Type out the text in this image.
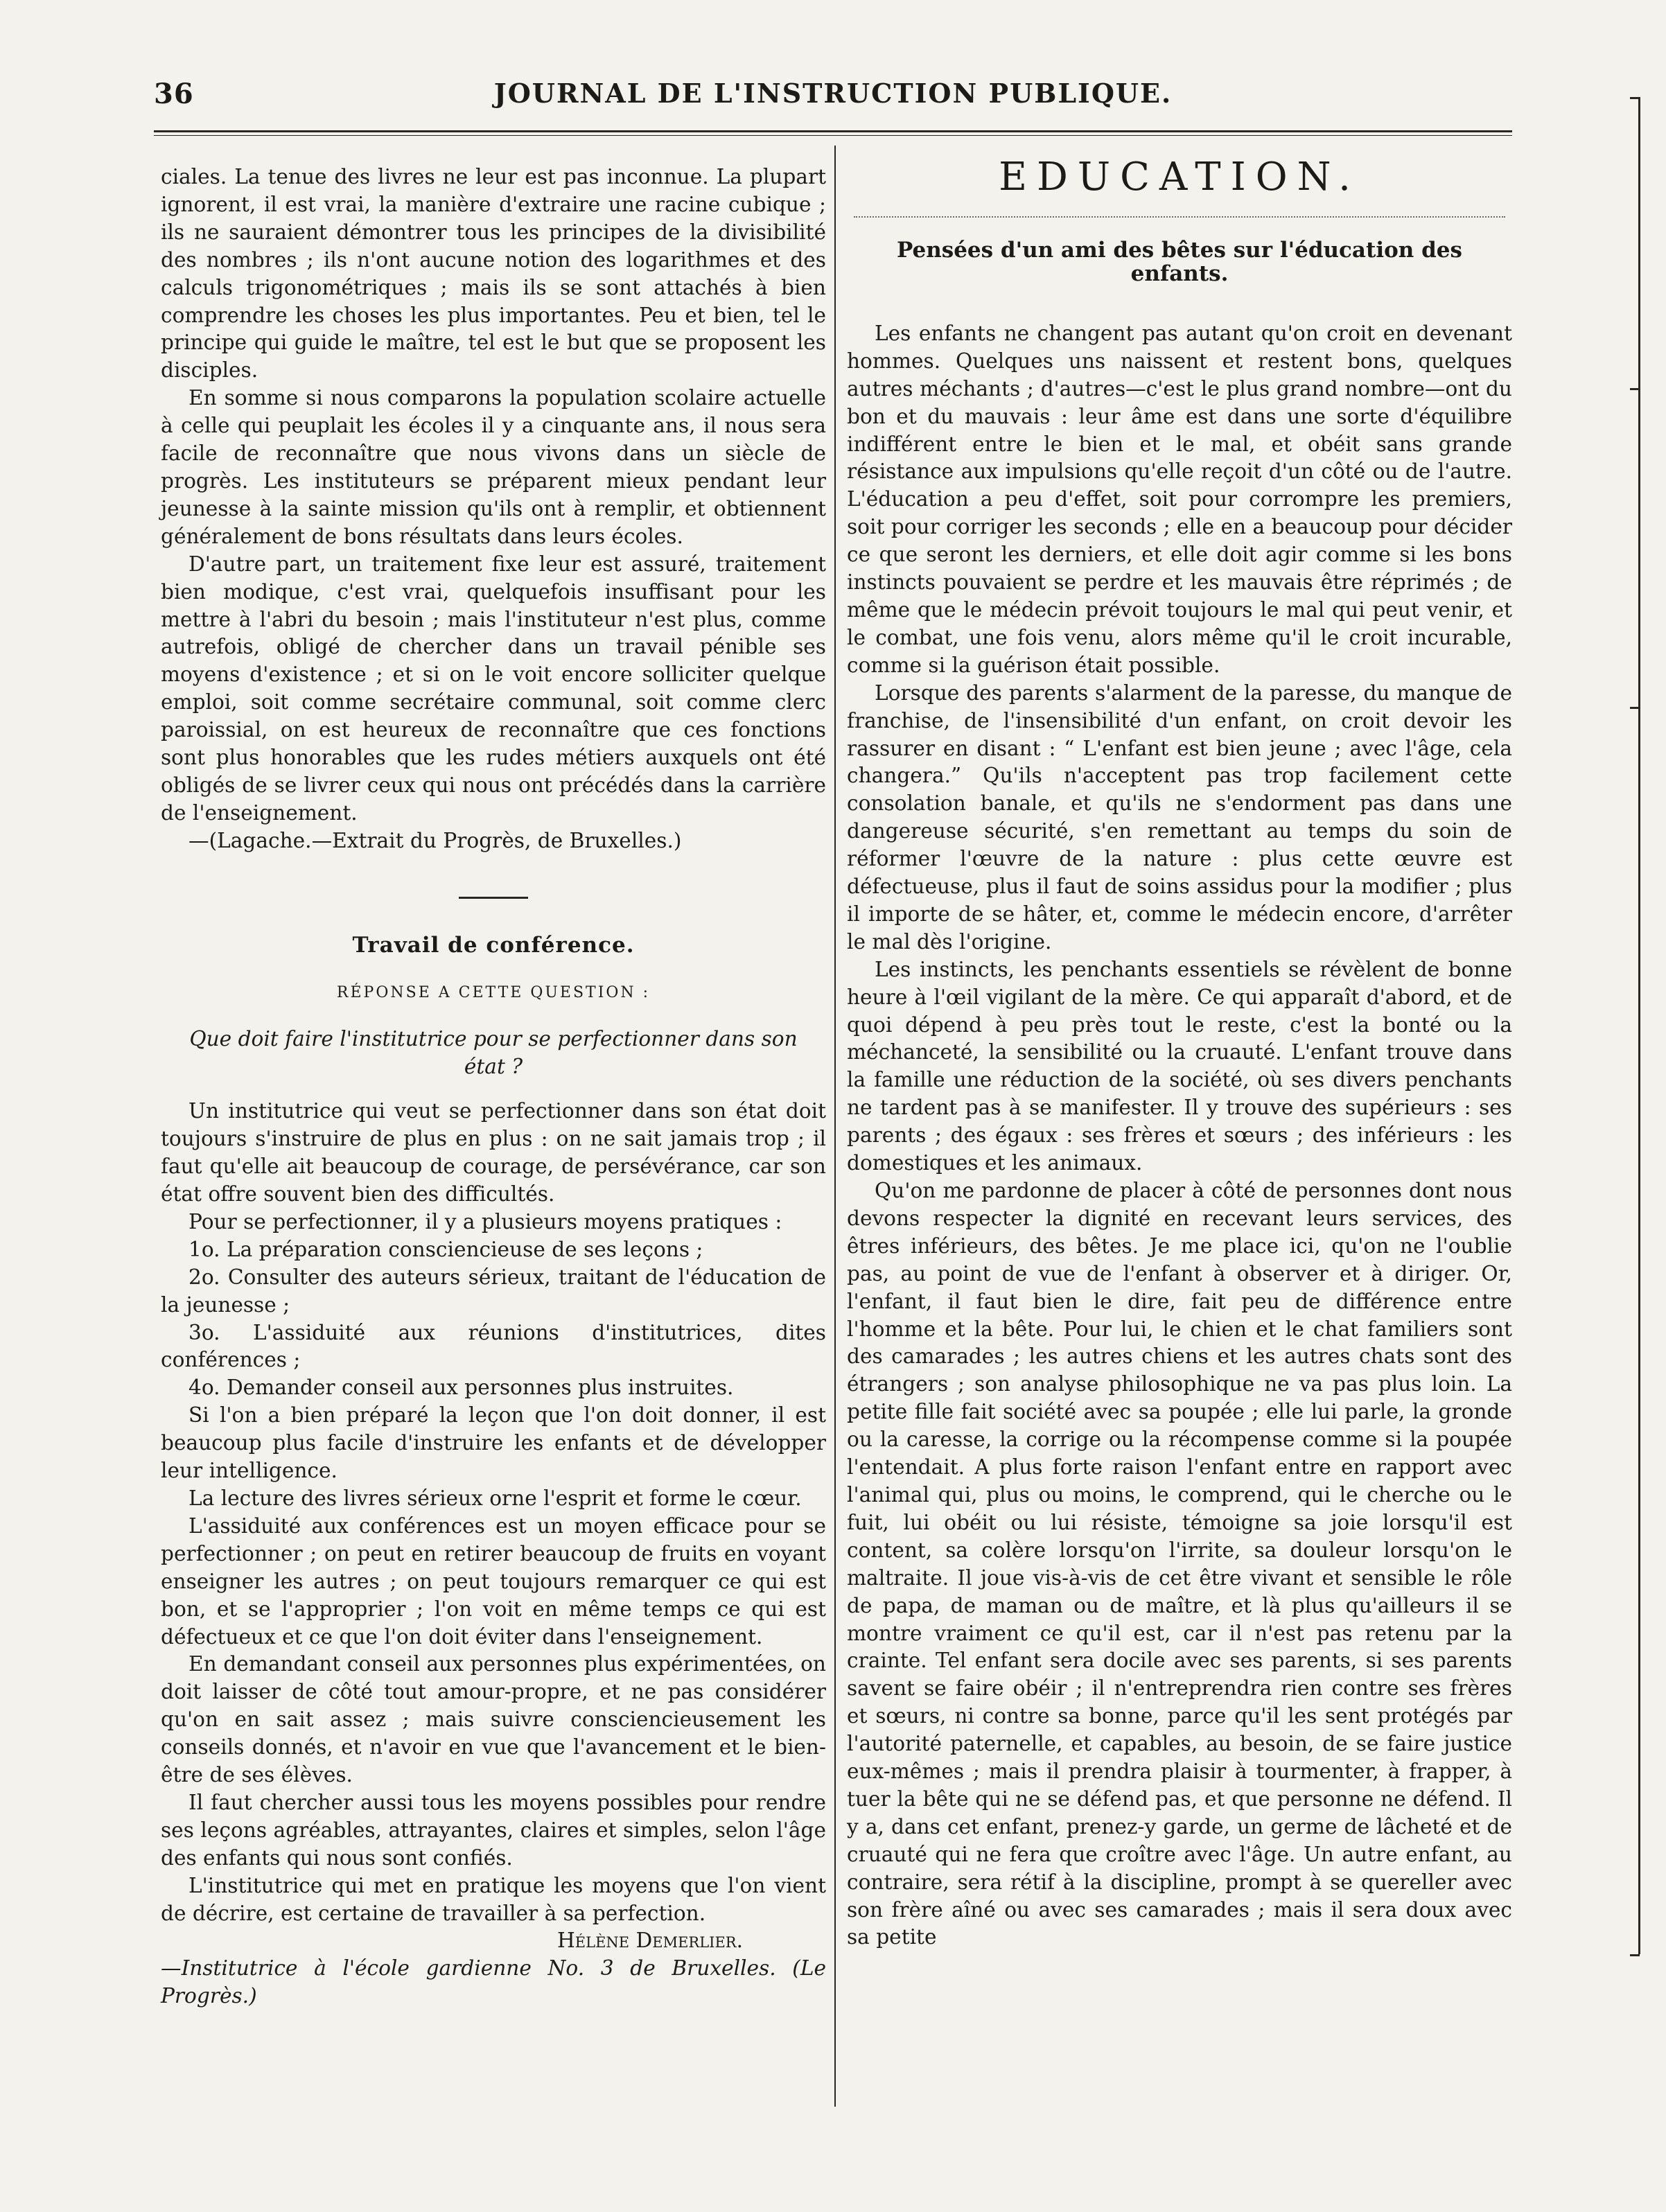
36	JOURNAL DE L'INSTRUCTION PUBLIQUE.

ciales. La tenue des livres ne leur est pas inconnue. La plupart ignorent, il est vrai, la manière d'extraire une racine cubique ; ils ne sauraient démontrer tous les principes de la divisibilité des nombres ; ils n'ont aucune notion des logarithmes et des calculs trigonométriques ; mais ils se sont attachés à bien comprendre les choses les plus importantes. Peu et bien, tel le principe qui guide le maître, tel est le but que se proposent les disciples.

En somme si nous comparons la population scolaire actuelle à celle qui peuplait les écoles il y a cinquante ans, il nous sera facile de reconnaître que nous vivons dans un siècle de progrès. Les instituteurs se préparent mieux pendant leur jeunesse à la sainte mission qu'ils ont à remplir, et obtiennent généralement de bons résultats dans leurs écoles.

D'autre part, un traitement fixe leur est assuré, traitement bien modique, c'est vrai, quelquefois insuffisant pour les mettre à l'abri du besoin ; mais l'instituteur n'est plus, comme autrefois, obligé de chercher dans un travail pénible ses moyens d'existence ; et si on le voit encore solliciter quelque emploi, soit comme secrétaire communal, soit comme clerc paroissial, on est heureux de reconnaître que ces fonctions sont plus honorables que les rudes métiers auxquels ont été obligés de se livrer ceux qui nous ont précédés dans la carrière de l'enseignement.

—(Lagache.—Extrait du Progrès, de Bruxelles.)

Travail de conférence.

RÉPONSE A CETTE QUESTION :

Que doit faire l'institutrice pour se perfectionner dans son état ?

Un institutrice qui veut se perfectionner dans son état doit toujours s'instruire de plus en plus : on ne sait jamais trop ; il faut qu'elle ait beaucoup de courage, de persévérance, car son état offre souvent bien des difficultés.

Pour se perfectionner, il y a plusieurs moyens pratiques :

1o. La préparation consciencieuse de ses leçons ;

2o. Consulter des auteurs sérieux, traitant de l'éducation de la jeunesse ;

3o. L'assiduité aux réunions d'institutrices, dites conférences ;

4o. Demander conseil aux personnes plus instruites.

Si l'on a bien préparé la leçon que l'on doit donner, il est beaucoup plus facile d'instruire les enfants et de développer leur intelligence.

La lecture des livres sérieux orne l'esprit et forme le cœur.

L'assiduité aux conférences est un moyen efficace pour se perfectionner ; on peut en retirer beaucoup de fruits en voyant enseigner les autres ; on peut toujours remarquer ce qui est bon, et se l'approprier ; l'on voit en même temps ce qui est défectueux et ce que l'on doit éviter dans l'enseignement.

En demandant conseil aux personnes plus expérimentées, on doit laisser de côté tout amour-propre, et ne pas considérer qu'on en sait assez ; mais suivre consciencieusement les conseils donnés, et n'avoir en vue que l'avancement et le bien-être de ses élèves.

Il faut chercher aussi tous les moyens possibles pour rendre ses leçons agréables, attrayantes, claires et simples, selon l'âge des enfants qui nous sont confiés.

L'institutrice qui met en pratique les moyens que l'on vient de décrire, est certaine de travailler à sa perfection.

Hélène Demerlier.

—Institutrice à l'école gardienne No. 3 de Bruxelles. (Le Progrès.)

EDUCATION.

Pensées d'un ami des bêtes sur l'éducation des enfants.

Les enfants ne changent pas autant qu'on croit en devenant hommes. Quelques uns naissent et restent bons, quelques autres méchants ; d'autres—c'est le plus grand nombre—ont du bon et du mauvais : leur âme est dans une sorte d'équilibre indifférent entre le bien et le mal, et obéit sans grande résistance aux impulsions qu'elle reçoit d'un côté ou de l'autre. L'éducation a peu d'effet, soit pour corrompre les premiers, soit pour corriger les seconds ; elle en a beaucoup pour décider ce que seront les derniers, et elle doit agir comme si les bons instincts pouvaient se perdre et les mauvais être réprimés ; de même que le médecin prévoit toujours le mal qui peut venir, et le combat, une fois venu, alors même qu'il le croit incurable, comme si la guérison était possible.

Lorsque des parents s'alarment de la paresse, du manque de franchise, de l'insensibilité d'un enfant, on croit devoir les rassurer en disant : “ L'enfant est bien jeune ; avec l'âge, cela changera.” Qu'ils n'acceptent pas trop facilement cette consolation banale, et qu'ils ne s'endorment pas dans une dangereuse sécurité, s'en remettant au temps du soin de réformer l'œuvre de la nature : plus cette œuvre est défectueuse, plus il faut de soins assidus pour la modifier ; plus il importe de se hâter, et, comme le médecin encore, d'arrêter le mal dès l'origine.

Les instincts, les penchants essentiels se révèlent de bonne heure à l'œil vigilant de la mère. Ce qui apparaît d'abord, et de quoi dépend à peu près tout le reste, c'est la bonté ou la méchanceté, la sensibilité ou la cruauté. L'enfant trouve dans la famille une réduction de la société, où ses divers penchants ne tardent pas à se manifester. Il y trouve des supérieurs : ses parents ; des égaux : ses frères et sœurs ; des inférieurs : les domestiques et les animaux.

Qu'on me pardonne de placer à côté de personnes dont nous devons respecter la dignité en recevant leurs services, des êtres inférieurs, des bêtes. Je me place ici, qu'on ne l'oublie pas, au point de vue de l'enfant à observer et à diriger. Or, l'enfant, il faut bien le dire, fait peu de différence entre l'homme et la bête. Pour lui, le chien et le chat familiers sont des camarades ; les autres chiens et les autres chats sont des étrangers ; son analyse philosophique ne va pas plus loin. La petite fille fait société avec sa poupée ; elle lui parle, la gronde ou la caresse, la corrige ou la récompense comme si la poupée l'entendait. A plus forte raison l'enfant entre en rapport avec l'animal qui, plus ou moins, le comprend, qui le cherche ou le fuit, lui obéit ou lui résiste, témoigne sa joie lorsqu'il est content, sa colère lorsqu'on l'irrite, sa douleur lorsqu'on le maltraite. Il joue vis-à-vis de cet être vivant et sensible le rôle de papa, de maman ou de maître, et là plus qu'ailleurs il se montre vraiment ce qu'il est, car il n'est pas retenu par la crainte. Tel enfant sera docile avec ses parents, si ses parents savent se faire obéir ; il n'entreprendra rien contre ses frères et sœurs, ni contre sa bonne, parce qu'il les sent protégés par l'autorité paternelle, et capables, au besoin, de se faire justice eux-mêmes ; mais il prendra plaisir à tourmenter, à frapper, à tuer la bête qui ne se défend pas, et que personne ne défend. Il y a, dans cet enfant, prenez-y garde, un germe de lâcheté et de cruauté qui ne fera que croître avec l'âge. Un autre enfant, au contraire, sera rétif à la discipline, prompt à se quereller avec son frère aîné ou avec ses camarades ; mais il sera doux avec sa petite
